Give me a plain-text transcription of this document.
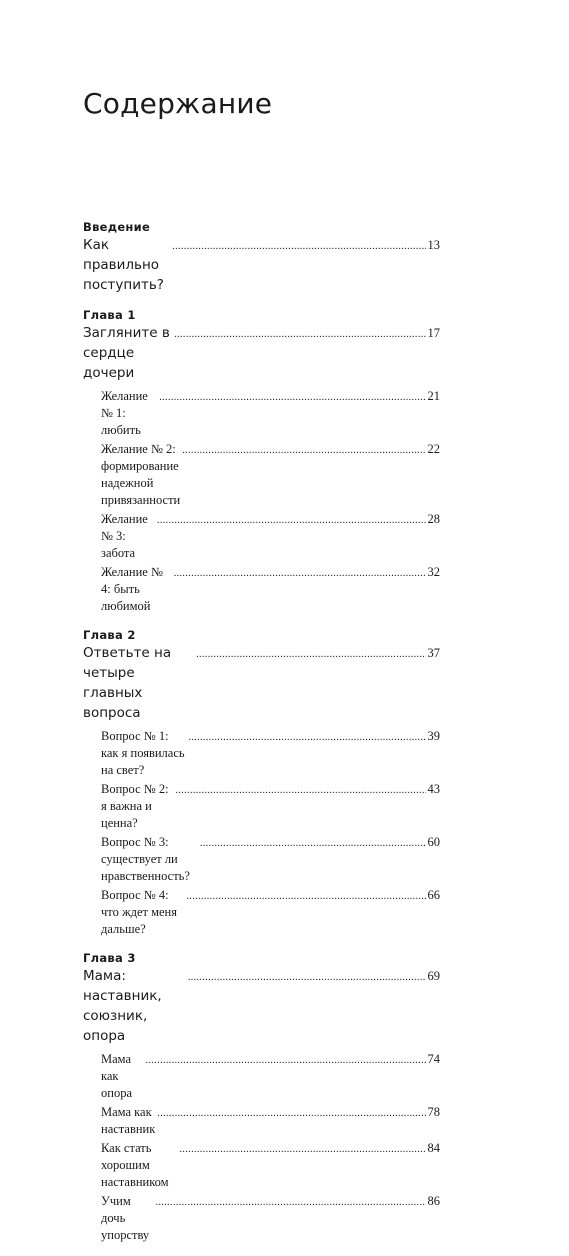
Содержание
Введение
Как правильно поступить?
.....
13
Глава 1
Загляните в сердце дочери
.....
17
Желание № 1: любить
.....
21
Желание № 2: формирование
надежной привязанности
.....
22
Желание № 3: забота
.....
28
Желание № 4: быть любимой
.....
32
Глава 2
Ответьте на четыре главных вопроса
.....
37
Вопрос № 1: как я появилась на свет?
.....
39
Вопрос № 2: я важна и ценна?
.....
43
Вопрос № 3: существует ли нравственность?
.....
60
Вопрос № 4: что ждет меня дальше?
.....
66
Глава 3
Мама: наставник, союзник, опора
.....
69
Мама как опора
.....
74
Мама как наставник
.....
78
Как стать хорошим наставником
.....
84
Учим дочь упорству
.....
86
